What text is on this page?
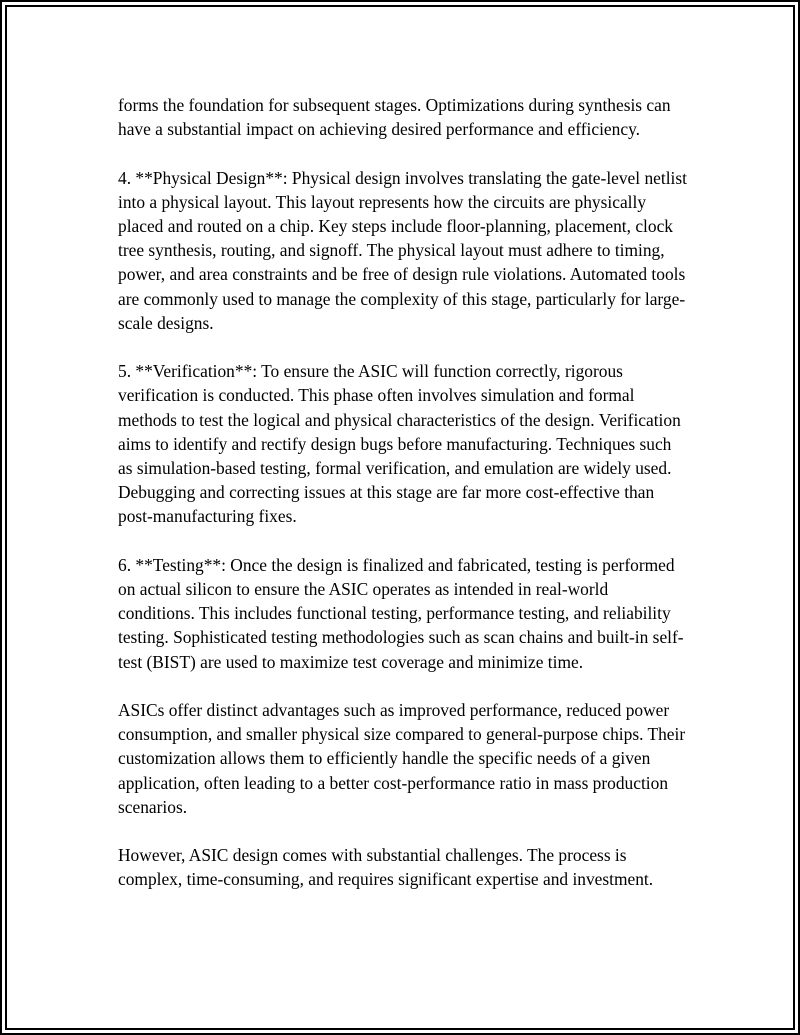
forms the foundation for subsequent stages. Optimizations during synthesis can have a substantial impact on achieving desired performance and efficiency.

4. **Physical Design**: Physical design involves translating the gate-level netlist into a physical layout. This layout represents how the circuits are physically placed and routed on a chip. Key steps include floor-planning, placement, clock tree synthesis, routing, and signoff. The physical layout must adhere to timing, power, and area constraints and be free of design rule violations. Automated tools are commonly used to manage the complexity of this stage, particularly for large-scale designs.

5. **Verification**: To ensure the ASIC will function correctly, rigorous verification is conducted. This phase often involves simulation and formal methods to test the logical and physical characteristics of the design. Verification aims to identify and rectify design bugs before manufacturing. Techniques such as simulation-based testing, formal verification, and emulation are widely used. Debugging and correcting issues at this stage are far more cost-effective than post-manufacturing fixes.

6. **Testing**: Once the design is finalized and fabricated, testing is performed on actual silicon to ensure the ASIC operates as intended in real-world conditions. This includes functional testing, performance testing, and reliability testing. Sophisticated testing methodologies such as scan chains and built-in self-test (BIST) are used to maximize test coverage and minimize time.

ASICs offer distinct advantages such as improved performance, reduced power consumption, and smaller physical size compared to general-purpose chips. Their customization allows them to efficiently handle the specific needs of a given application, often leading to a better cost-performance ratio in mass production scenarios.

However, ASIC design comes with substantial challenges. The process is complex, time-consuming, and requires significant expertise and investment.
